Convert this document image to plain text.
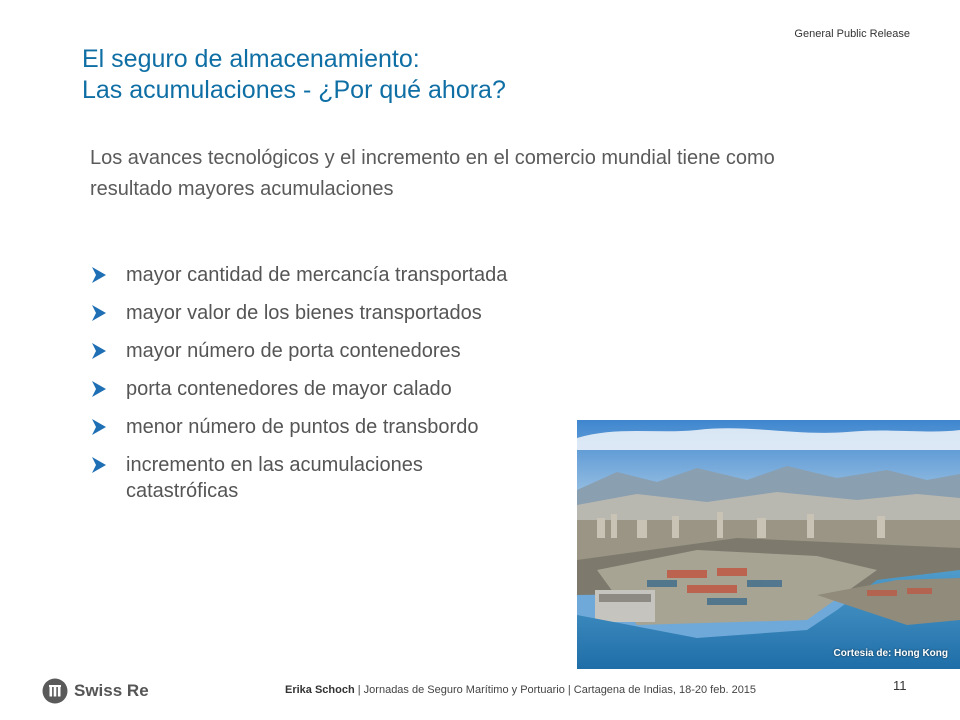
General Public Release
El seguro de almacenamiento:
Las acumulaciones - ¿Por qué ahora?
Los avances tecnológicos y el incremento en el comercio mundial tiene como resultado mayores acumulaciones
mayor cantidad de mercancía transportada
mayor valor de los bienes transportados
mayor número de porta contenedores
porta contenedores de mayor calado
menor número de puntos de transbordo
incremento en las acumulaciones catastróficas
Cortesia de: Hong Kong
Swiss Re	Erika Schoch | Jornadas de Seguro Marítimo y Portuario | Cartagena de Indias, 18-20 feb. 2015	11
